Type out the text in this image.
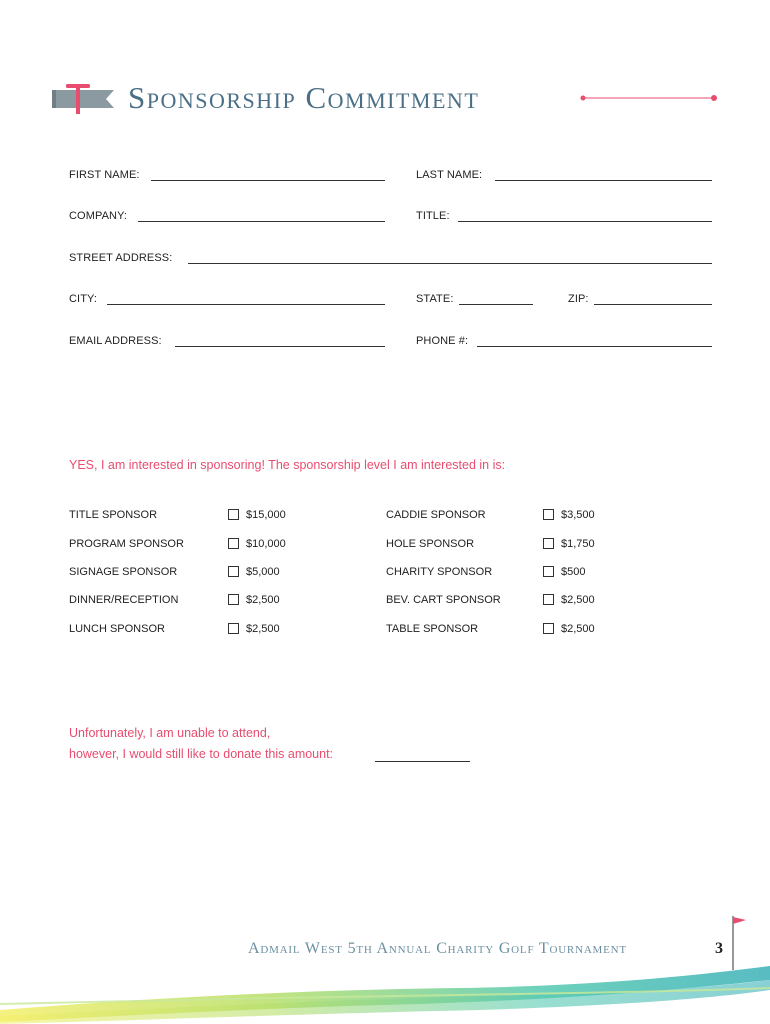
Sponsorship Commitment
FIRST NAME:	LAST NAME:
COMPANY:	TITLE:
STREET ADDRESS:
CITY:	STATE:	ZIP:
EMAIL ADDRESS:	PHONE #:
YES, I am interested in sponsoring! The sponsorship level I am interested in is:
TITLE SPONSOR	$15,000
PROGRAM SPONSOR	$10,000
SIGNAGE SPONSOR	$5,000
DINNER/RECEPTION	$2,500
LUNCH SPONSOR	$2,500
CADDIE SPONSOR	$3,500
HOLE SPONSOR	$1,750
CHARITY SPONSOR	$500
BEV. CART SPONSOR	$2,500
TABLE SPONSOR	$2,500
Unfortunately, I am unable to attend,
however, I would still like to donate this amount:
Admail West 5th Annual Charity Golf Tournament	3
